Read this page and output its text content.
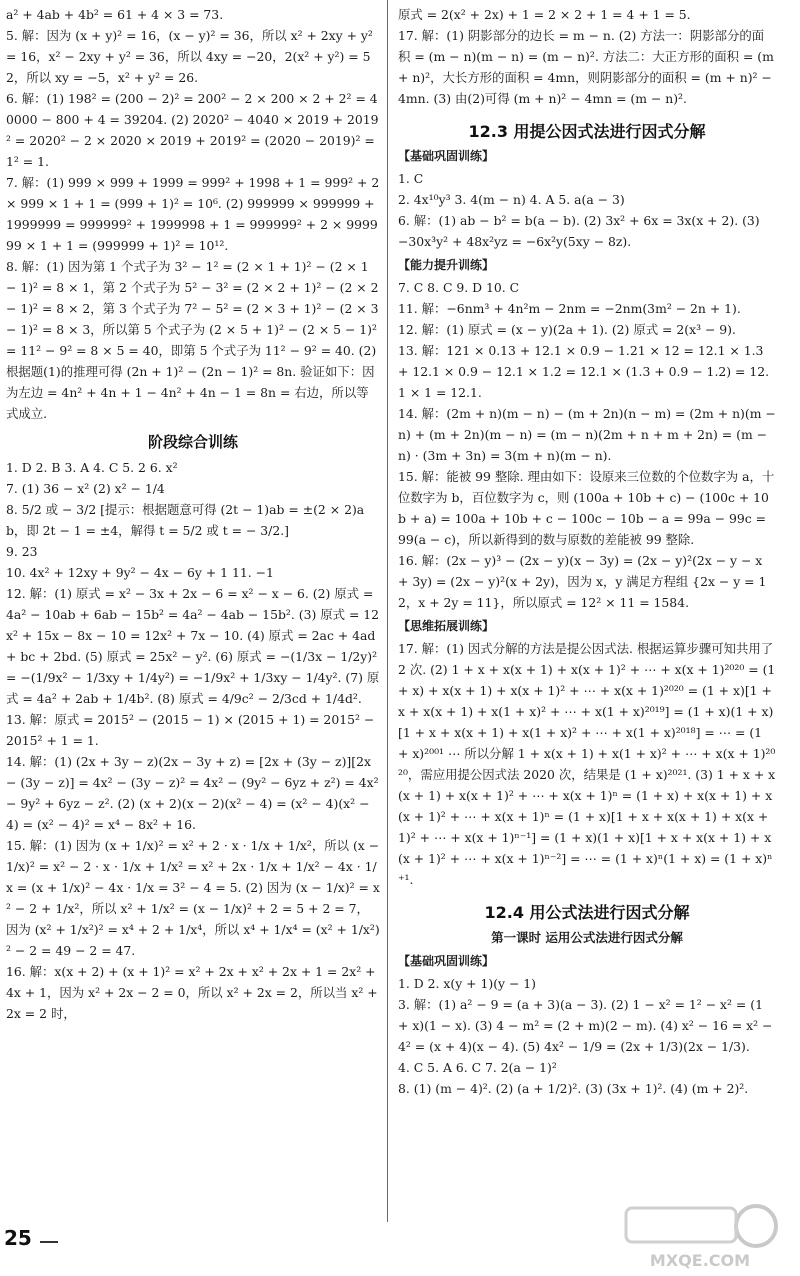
a² + 4ab + 4b² = 61 + 4 × 3 = 73.

5. 解：因为 (x + y)² = 16，(x − y)² = 36，所以 x² + 2xy + y² = 16，x² − 2xy + y² = 36，所以 4xy = −20，2(x² + y²) = 52，所以 xy = −5，x² + y² = 26.

6. 解：(1) 198² = (200 − 2)² = 200² − 2 × 200 × 2 + 2² = 40000 − 800 + 4 = 39204. (2) 2020² − 4040 × 2019 + 2019² = 2020² − 2 × 2020 × 2019 + 2019² = (2020 − 2019)² = 1² = 1.

7. 解：(1) 999 × 999 + 1999 = 999² + 1998 + 1 = 999² + 2 × 999 × 1 + 1 = (999 + 1)² = 10⁶. (2) 999999 × 999999 + 1999999 = 999999² + 1999998 + 1 = 999999² + 2 × 999999 × 1 + 1 = (999999 + 1)² = 10¹².

8. 解：(1) 因为第 1 个式子为 3² − 1² = (2 × 1 + 1)² − (2 × 1 − 1)² = 8 × 1，第 2 个式子为 5² − 3² = (2 × 2 + 1)² − (2 × 2 − 1)² = 8 × 2，第 3 个式子为 7² − 5² = (2 × 3 + 1)² − (2 × 3 − 1)² = 8 × 3，所以第 5 个式子为 (2 × 5 + 1)² − (2 × 5 − 1)² = 11² − 9² = 8 × 5 = 40，即第 5 个式子为 11² − 9² = 40. (2) 根据题(1)的推理可得 (2n + 1)² − (2n − 1)² = 8n. 验证如下：因为左边 = 4n² + 4n + 1 − 4n² + 4n − 1 = 8n = 右边，所以等式成立.

阶段综合训练

1. D 2. B 3. A 4. C 5. 2 6. x²

7. (1) 36 − x² (2) x² − 1/4

8. 5/2 或 − 3/2 [提示：根据题意可得 (2t − 1)ab = ±(2 × 2)ab，即 2t − 1 = ±4，解得 t = 5/2 或 t = − 3/2.]

9. 23

10. 4x² + 12xy + 9y² − 4x − 6y + 1 11. −1

12. 解：(1) 原式 = x² − 3x + 2x − 6 = x² − x − 6. (2) 原式 = 4a² − 10ab + 6ab − 15b² = 4a² − 4ab − 15b². (3) 原式 = 12x² + 15x − 8x − 10 = 12x² + 7x − 10. (4) 原式 = 2ac + 4ad + bc + 2bd. (5) 原式 = 25x² − y². (6) 原式 = −(1/3x − 1/2y)² = −(1/9x² − 1/3xy + 1/4y²) = −1/9x² + 1/3xy − 1/4y². (7) 原式 = 4a² + 2ab + 1/4b². (8) 原式 = 4/9c² − 2/3cd + 1/4d².

13. 解：原式 = 2015² − (2015 − 1) × (2015 + 1) = 2015² − 2015² + 1 = 1.

14. 解：(1) (2x + 3y − z)(2x − 3y + z) = [2x + (3y − z)][2x − (3y − z)] = 4x² − (3y − z)² = 4x² − (9y² − 6yz + z²) = 4x² − 9y² + 6yz − z². (2) (x + 2)(x − 2)(x² − 4) = (x² − 4)(x² − 4) = (x² − 4)² = x⁴ − 8x² + 16.

15. 解：(1) 因为 (x + 1/x)² = x² + 2 · x · 1/x + 1/x²，所以 (x − 1/x)² = x² − 2 · x · 1/x + 1/x² = x² + 2x · 1/x + 1/x² − 4x · 1/x = (x + 1/x)² − 4x · 1/x = 3² − 4 = 5. (2) 因为 (x − 1/x)² = x² − 2 + 1/x²，所以 x² + 1/x² = (x − 1/x)² + 2 = 5 + 2 = 7，因为 (x² + 1/x²)² = x⁴ + 2 + 1/x⁴，所以 x⁴ + 1/x⁴ = (x² + 1/x²)² − 2 = 49 − 2 = 47.

16. 解：x(x + 2) + (x + 1)² = x² + 2x + x² + 2x + 1 = 2x² + 4x + 1，因为 x² + 2x − 2 = 0，所以 x² + 2x = 2，所以当 x² + 2x = 2 时，

原式 = 2(x² + 2x) + 1 = 2 × 2 + 1 = 4 + 1 = 5.

17. 解：(1) 阴影部分的边长 = m − n. (2) 方法一：阴影部分的面积 = (m − n)(m − n) = (m − n)². 方法二：大正方形的面积 = (m + n)²，大长方形的面积 = 4mn，则阴影部分的面积 = (m + n)² − 4mn. (3) 由(2)可得 (m + n)² − 4mn = (m − n)².

12.3 用提公因式法进行因式分解
【基础巩固训练】

1. C

2. 4x¹⁰y³ 3. 4(m − n) 4. A 5. a(a − 3)

6. 解：(1) ab − b² = b(a − b). (2) 3x² + 6x = 3x(x + 2). (3) −30x³y² + 48x²yz = −6x²y(5xy − 8z).

【能力提升训练】

7. C 8. C 9. D 10. C

11. 解：−6nm³ + 4n²m − 2nm = −2nm(3m² − 2n + 1).

12. 解：(1) 原式 = (x − y)(2a + 1). (2) 原式 = 2(x³ − 9).

13. 解：121 × 0.13 + 12.1 × 0.9 − 1.21 × 12 = 12.1 × 1.3 + 12.1 × 0.9 − 12.1 × 1.2 = 12.1 × (1.3 + 0.9 − 1.2) = 12.1 × 1 = 12.1.

14. 解：(2m + n)(m − n) − (m + 2n)(n − m) = (2m + n)(m − n) + (m + 2n)(m − n) = (m − n)(2m + n + m + 2n) = (m − n) · (3m + 3n) = 3(m + n)(m − n).

15. 解：能被 99 整除. 理由如下：设原来三位数的个位数字为 a，十位数字为 b，百位数字为 c，则 (100a + 10b + c) − (100c + 10b + a) = 100a + 10b + c − 100c − 10b − a = 99a − 99c = 99(a − c)，所以新得到的数与原数的差能被 99 整除.

16. 解：(2x − y)³ − (2x − y)(x − 3y) = (2x − y)²(2x − y − x + 3y) = (2x − y)²(x + 2y)，因为 x，y 满足方程组 {2x − y = 12，x + 2y = 11}，所以原式 = 12² × 11 = 1584.

【思维拓展训练】

17. 解：(1) 因式分解的方法是提公因式法. 根据运算步骤可知共用了 2 次. (2) 1 + x + x(x + 1) + x(x + 1)² + ⋯ + x(x + 1)²⁰²⁰ = (1 + x) + x(x + 1) + x(x + 1)² + ⋯ + x(x + 1)²⁰²⁰ = (1 + x)[1 + x + x(x + 1) + x(1 + x)² + ⋯ + x(1 + x)²⁰¹⁹] = (1 + x)(1 + x)[1 + x + x(x + 1) + x(1 + x)² + ⋯ + x(1 + x)²⁰¹⁸] = ⋯ = (1 + x)²⁰⁰¹ ⋯ 所以分解 1 + x(x + 1) + x(1 + x)² + ⋯ + x(x + 1)²⁰²⁰，需应用提公因式法 2020 次，结果是 (1 + x)²⁰²¹. (3) 1 + x + x(x + 1) + x(x + 1)² + ⋯ + x(x + 1)ⁿ = (1 + x) + x(x + 1) + x(x + 1)² + ⋯ + x(x + 1)ⁿ = (1 + x)[1 + x + x(x + 1) + x(x + 1)² + ⋯ + x(x + 1)ⁿ⁻¹] = (1 + x)(1 + x)[1 + x + x(x + 1) + x(x + 1)² + ⋯ + x(x + 1)ⁿ⁻²] = ⋯ = (1 + x)ⁿ(1 + x) = (1 + x)ⁿ⁺¹.

12.4 用公式法进行因式分解
第一课时 运用公式法进行因式分解
【基础巩固训练】

1. D 2. x(y + 1)(y − 1)

3. 解：(1) a² − 9 = (a + 3)(a − 3). (2) 1 − x² = 1² − x² = (1 + x)(1 − x). (3) 4 − m² = (2 + m)(2 − m). (4) x² − 16 = x² − 4² = (x + 4)(x − 4). (5) 4x² − 1/9 = (2x + 1/3)(2x − 1/3).

4. C 5. A 6. C 7. 2(a − 1)²

8. (1) (m − 4)². (2) (a + 1/2)². (3) (3x + 1)². (4) (m + 2)².

25
MXQE.COM
